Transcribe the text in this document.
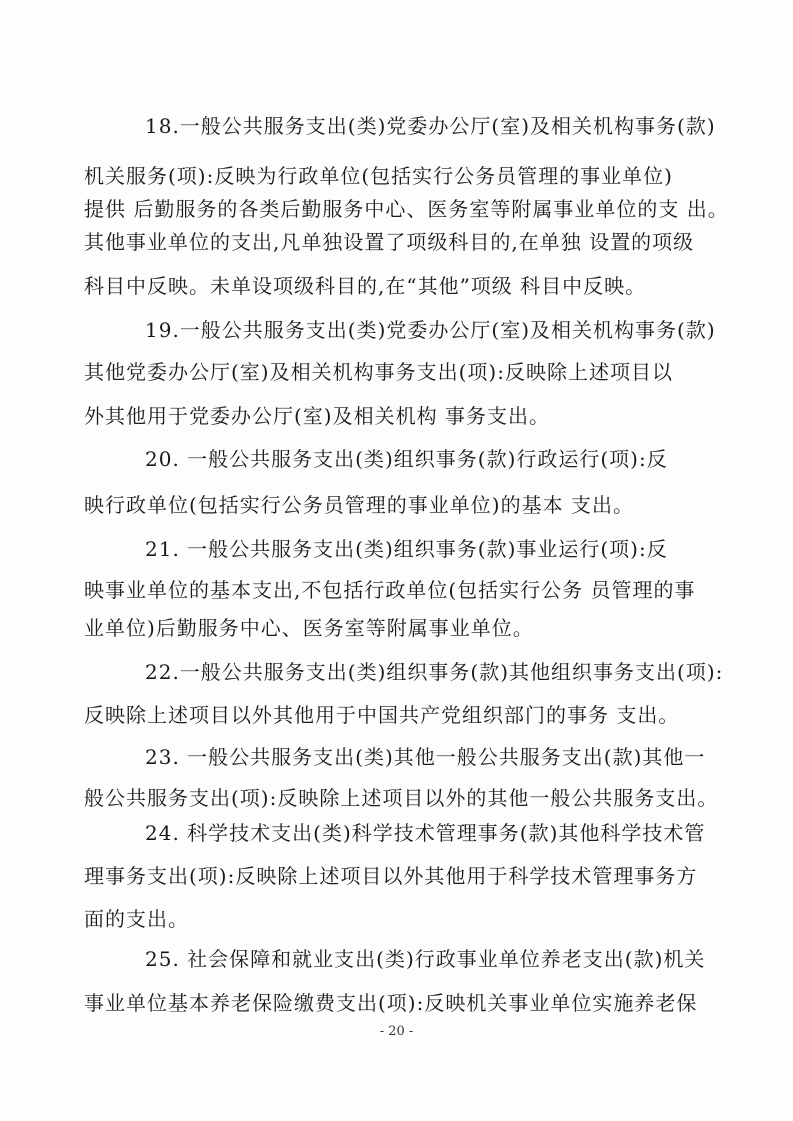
18.一般公共服务支出(类)党委办公厅(室)及相关机构事务(款)
机关服务(项):反映为行政单位(包括实行公务员管理的事业单位)
提供 后勤服务的各类后勤服务中心、医务室等附属事业单位的支 出。
其他事业单位的支出,凡单独设置了项级科目的,在单独 设置的项级
科目中反映。未单设项级科目的,在“其他”项级 科目中反映。
19.一般公共服务支出(类)党委办公厅(室)及相关机构事务(款)
其他党委办公厅(室)及相关机构事务支出(项):反映除上述项目以
外其他用于党委办公厅(室)及相关机构 事务支出。
20. 一般公共服务支出(类)组织事务(款)行政运行(项):反
映行政单位(包括实行公务员管理的事业单位)的基本 支出。
21. 一般公共服务支出(类)组织事务(款)事业运行(项):反
映事业单位的基本支出,不包括行政单位(包括实行公务 员管理的事
业单位)后勤服务中心、医务室等附属事业单位。
22.一般公共服务支出(类)组织事务(款)其他组织事务支出(项):
反映除上述项目以外其他用于中国共产党组织部门的事务 支出。
23. 一般公共服务支出(类)其他一般公共服务支出(款)其他一
般公共服务支出(项):反映除上述项目以外的其他一般公共服务支出。
24. 科学技术支出(类)科学技术管理事务(款)其他科学技术管
理事务支出(项):反映除上述项目以外其他用于科学技术管理事务方
面的支出。
25. 社会保障和就业支出(类)行政事业单位养老支出(款)机关
事业单位基本养老保险缴费支出(项):反映机关事业单位实施养老保
- 20 -
